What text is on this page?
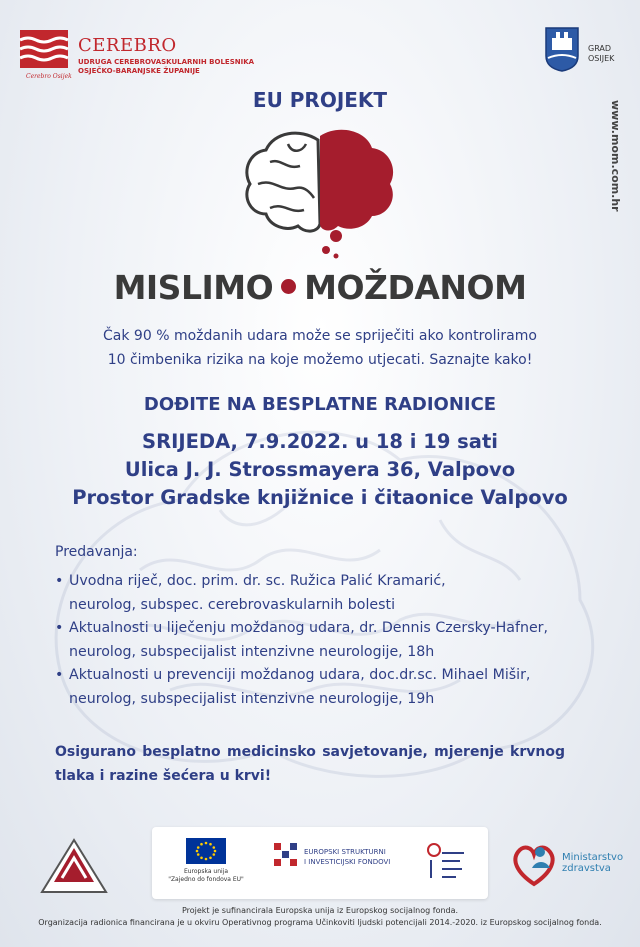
CEREBRO
UDRUGA CEREBROVASKULARNIH BOLESNIKA
OSJEČKO-BARANJSKE ŽUPANIJE
Cerebro Osijek
GRAD
OSIJEK
www.mom.com.hr
EU PROJEKT
MISLIMO MOŽDANOM
Čak 90 % moždanih udara može se spriječiti ako kontroliramo
10 čimbenika rizika na koje možemo utjecati. Saznajte kako!
DOĐITE NA BESPLATNE RADIONICE
SRIJEDA, 7.9.2022. u 18 i 19 sati
Ulica J. J. Strossmayera 36, Valpovo
Prostor Gradske knjižnice i čitaonice Valpovo
Predavanja:
• Uvodna riječ, doc. prim. dr. sc. Ružica Palić Kramarić,
neurolog, subspec. cerebrovaskularnih bolesti
• Aktualnosti u liječenju moždanog udara, dr. Dennis Czersky-Hafner,
neurolog, subspecijalist intenzivne neurologije, 18h
• Aktualnosti u prevenciji moždanog udara, doc.dr.sc. Mihael Mišir,
neurolog, subspecijalist intenzivne neurologije, 19h
Osigurano besplatno medicinsko savjetovanje, mjerenje krvnog tlaka i razine šećera u krvi!
Europska unija
"Zajedno do fondova EU"
EUROPSKI STRUKTURNI
I INVESTICIJSKI FONDOVI	Ministarstvo
zdravstva
Projekt je sufinancirala Europska unija iz Europskog socijalnog fonda.
Organizacija radionica financirana je u okviru Operativnog programa Učinkoviti ljudski potencijali 2014.-2020. iz Europskog socijalnog fonda.
